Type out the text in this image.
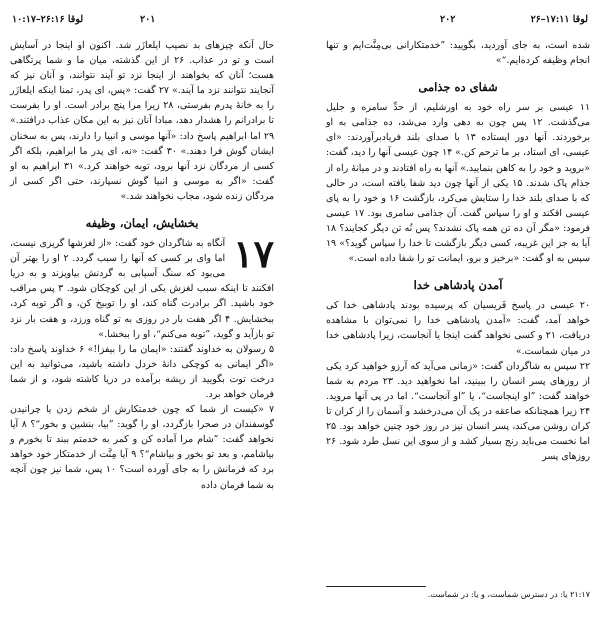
لوقا ۲۶:۱۶–۱۰:۱۷	۲۰۱	۲۰۲	لوقا ۱۷:۱۱–۲۶

حال آنکه چیزهای بد نصیب ایلعازَر شد. اکنون او اینجا در آسایش است و تو در عذاب. ۲۶ از این گذشته، میان ما و شما پرتگاهی هست؛ آنان که بخواهند از اینجا نزد تو آیند نتوانند، و آنان نیز که آنجایند نتوانند نزد ما آیند.» ۲۷ گفت: «پس، ای پدر، تمنا اینکه ایلعازَر را به خانهٔ پدرم بفرستی، ۲۸ زیرا مرا پنج برادر است. او را بفرست تا برادرانم را هشدار دهد، مبادا آنان نیز به این مکان عذاب درافتند.» ۲۹ اما ابراهیم پاسخ داد: «آنها موسی و انبیا را دارند، پس به سخنان ایشان گوش فرا دهند.» ۳۰ گفت: «نه، ای پدر ما ابراهیم، بلکه اگر کسی از مردگان نزد آنها برود، توبه خواهند کرد.» ۳۱ ابراهیم به او گفت: «اگر به موسی و انبیا گوش نسپارند، حتی اگر کسی از مردگان زنده شود، مجاب نخواهند شد.»

بخشایش، ایمان، وظیفه

۱۷
آنگاه به شاگردان خود گفت: «از لغزشها گریزی نیست، اما وای بر کسی که آنها را سبب گردد. ۲ او را بهتر آن می‌بود که سنگ آسیابی به گردنش بیاویزند و به دریا افکنند تا اینکه سبب لغزش یکی از این کوچکان شود. ۳ پس مراقب خود باشید. اگر برادرت گناه کند، او را توبیخ کن، و اگر توبه کرد، ببخشایش. ۴ اگر هفت بار در روزی به تو گناه ورزد، و هفت بار نزد تو بازآید و گوید، ”توبه می‌کنم“، او را ببخشا.»

۵ رسولان به خداوند گفتند: «ایمان ما را بیفزا!» ۶ خداوند پاسخ داد: «اگر ایمانی به کوچکی دانهٔ خردل داشته باشید، می‌توانید به این درخت توت بگویید از ریشه برآمده در دریا کاشته شود، و از شما فرمان خواهد برد.

۷ «کیست از شما که چون خدمتکارش از شخم زدن یا چرانیدن گوسفندان در صحرا بازگردد، او را گوید: ”بیا، بنشین و بخور“؟ ۸ آیا نخواهد گفت: ”شام مرا آماده کن و کمر به خدمتم ببند تا بخورم و بیاشامم، و بعد تو بخور و بیاشام“؟ ۹ آیا مِنَّت از خدمتکار خود خواهد برد که فرمانش را به جای آورده است؟ ۱۰ پس، شما نیز چون آنچه به شما فرمان داده

شده است، به جای آوردید، بگویید: ”خدمتکارانی بی‌مِنَّت‌ایم و تنها انجام وظیفه کرده‌ایم.“»

شفای ده جذامی

۱۱ عیسی بر سر راه خود به اورشلیم، از حدِّ سامره و جلیل می‌گذشت. ۱۲ پس چون به دهی وارد می‌شد، ده جذامی به او برخوردند. آنها دور ایستاده ۱۳ با صدای بلند فریادبرآوردند: «ای عیسی، ای استاد، بر ما ترحم کن.» ۱۴ چون عیسی آنها را دید، گفت: «بروید و خود را به کاهن بنمایید.» آنها به راه افتادند و در میانهٔ راه از جذام پاک شدند. ۱۵ یکی از آنها چون دید شفا یافته است، در حالی که با صدای بلند خدا را ستایش می‌کرد، بازگشت ۱۶ و خود را به پای عیسی افکند و او را سپاس گفت. آن جذامی سامری بود. ۱۷ عیسی فرمود: «مگر آن ده تن همه پاک نشدند؟ پس نُه تن دیگر کجایند؟ ۱۸ آیا به جز این غریبه، کسی دیگر بازگشت تا خدا را سپاس گوید؟» ۱۹ سپس به او گفت: «برخیز و برو، ایمانت تو را شفا داده است.»

آمدن پادشاهی خدا

۲۰ عیسی در پاسخ فَریسیان که پرسیده بودند پادشاهی خدا کی خواهد آمد، گفت: «آمدن پادشاهی خدا را نمی‌توان با مشاهده دریافت، ۲۱ و کسی نخواهد گفت اینجا یا آنجاست، زیرا پادشاهی خدا در میان شماست.»

۲۲ سپس به شاگردان گفت: «زمانی می‌آید که آرزو خواهید کرد یکی از روزهای پسر انسان را ببینید، اما نخواهید دید. ۲۳ مردم به شما خواهند گفت: ”او اینجاست“، یا ”او آنجاست“. اما در پی آنها مروید. ۲۴ زیرا همچنانکه صاعقه در یک آن می‌درخشد و آسمان را از کران تا کران روشن می‌کند، پسر انسان نیز در روز خود چنین خواهد بود. ۲۵ اما نخست می‌باید رنج بسیار کشد و از سوی این نسل طرد شود. ۲۶ روزهای پسر

۲۱:۱۷ یا: در دسترس شماست، و یا: در شماست.
